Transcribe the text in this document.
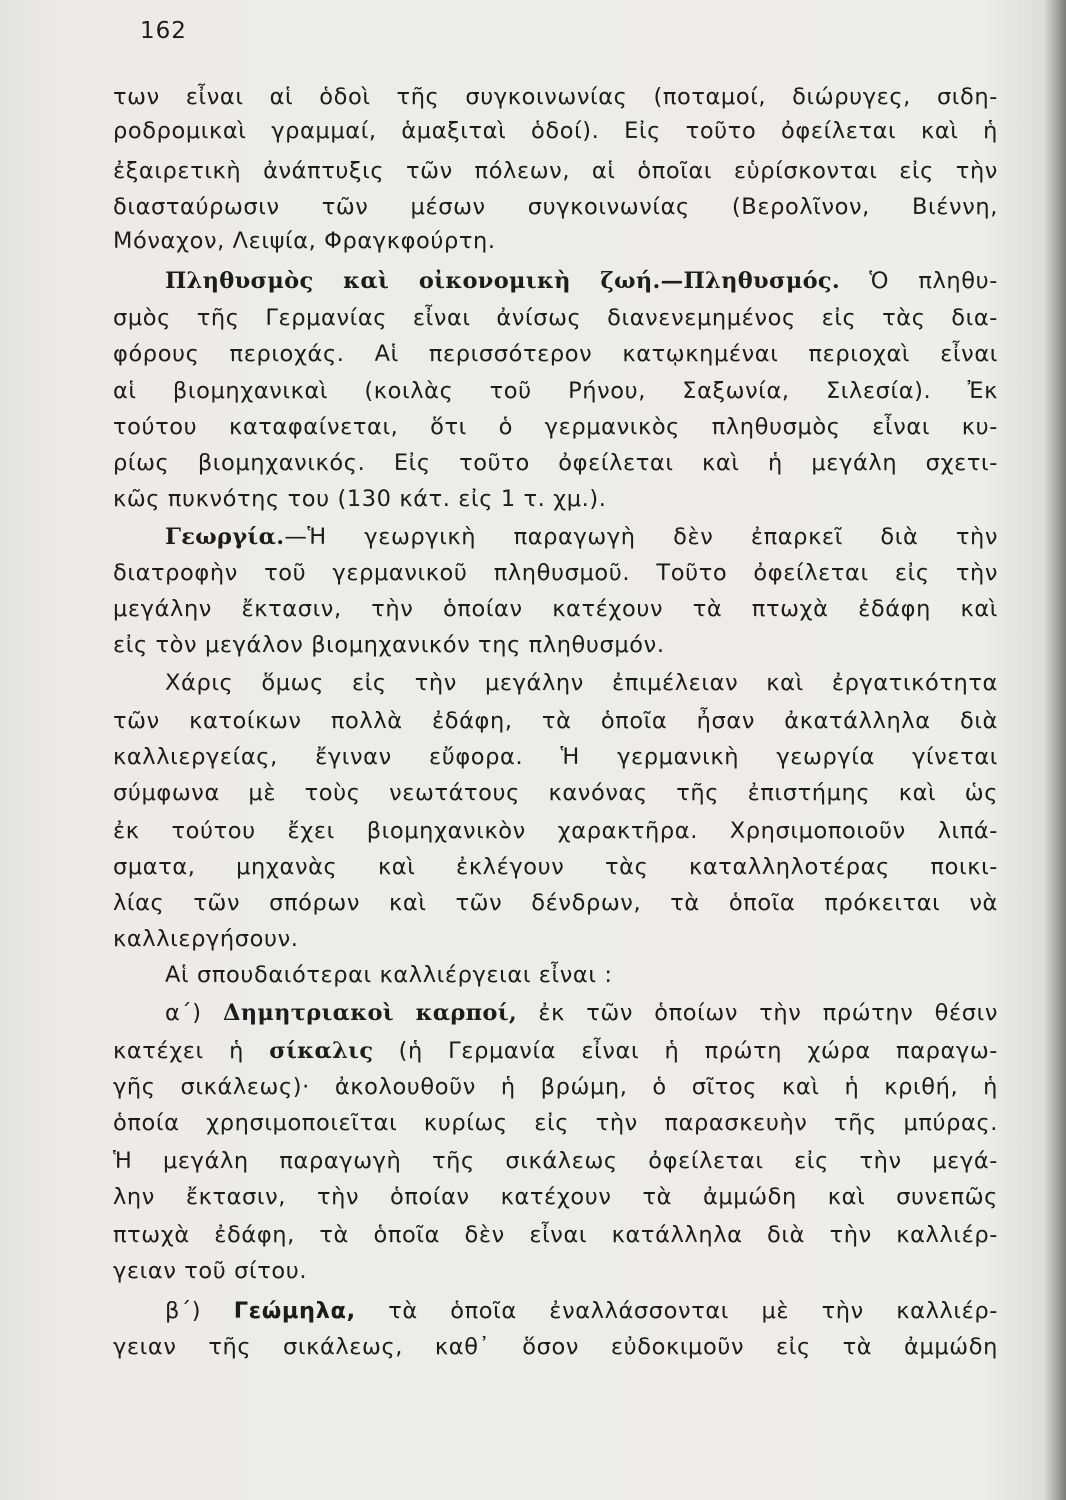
162
των εἶναι αἱ ὁδοὶ τῆς συγκοινωνίας (ποταμοί, διώρυγες, σιδη-
ροδρομικαὶ γραμμαί, ἁμαξιταὶ ὁδοί). Εἰς τοῦτο ὀφείλεται καὶ ἡ
ἐξαιρετικὴ ἀνάπτυξις τῶν πόλεων, αἱ ὁποῖαι εὑρίσκονται εἰς τὴν
διασταύρωσιν τῶν μέσων συγκοινωνίας (Βερολῖνον, Βιέννη,
Μόναχον, Λειψία, Φραγκφούρτη.
Πληθυσμὸς καὶ οἰκονομικὴ ζωή.—Πληθυσμός. Ὁ πληθυ-
σμὸς τῆς Γερμανίας εἶναι ἀνίσως διανενεμημένος εἰς τὰς δια-
φόρους περιοχάς. Αἱ περισσότερον κατῳκημέναι περιοχαὶ εἶναι
αἱ βιομηχανικαὶ (κοιλὰς τοῦ Ρήνου, Σαξωνία, Σιλεσία). Ἐκ
τούτου καταφαίνεται, ὅτι ὁ γερμανικὸς πληθυσμὸς εἶναι κυ-
ρίως βιομηχανικός. Εἰς τοῦτο ὀφείλεται καὶ ἡ μεγάλη σχετι-
κῶς πυκνότης του (130 κάτ. εἰς 1 τ. χμ.).
Γεωργία.—Ἡ γεωργικὴ παραγωγὴ δὲν ἐπαρκεῖ διὰ τὴν
διατροφὴν τοῦ γερμανικοῦ πληθυσμοῦ. Τοῦτο ὀφείλεται εἰς τὴν
μεγάλην ἔκτασιν, τὴν ὁποίαν κατέχουν τὰ πτωχὰ ἐδάφη καὶ
εἰς τὸν μεγάλον βιομηχανικόν της πληθυσμόν.
Χάρις ὅμως εἰς τὴν μεγάλην ἐπιμέλειαν καὶ ἐργατικότητα
τῶν κατοίκων πολλὰ ἐδάφη, τὰ ὁποῖα ἦσαν ἀκατάλληλα διὰ
καλλιεργείας, ἔγιναν εὔφορα. Ἡ γερμανικὴ γεωργία γίνεται
σύμφωνα μὲ τοὺς νεωτάτους κανόνας τῆς ἐπιστήμης καὶ ὡς
ἐκ τούτου ἔχει βιομηχανικὸν χαρακτῆρα. Χρησιμοποιοῦν λιπά-
σματα, μηχανὰς καὶ ἐκλέγουν τὰς καταλληλοτέρας ποικι-
λίας τῶν σπόρων καὶ τῶν δένδρων, τὰ ὁποῖα πρόκειται νὰ
καλλιεργήσουν.
Αἱ σπουδαιότεραι καλλιέργειαι εἶναι :
α΄) Δημητριακοὶ καρποί, ἐκ τῶν ὁποίων τὴν πρώτην θέσιν
κατέχει ἡ σίκαλις (ἡ Γερμανία εἶναι ἡ πρώτη χώρα παραγω-
γῆς σικάλεως)· ἀκολουθοῦν ἡ βρώμη, ὁ σῖτος καὶ ἡ κριθή, ἡ
ὁποία χρησιμοποιεῖται κυρίως εἰς τὴν παρασκευὴν τῆς μπύρας.
Ἡ μεγάλη παραγωγὴ τῆς σικάλεως ὀφείλεται εἰς τὴν μεγά-
λην ἔκτασιν, τὴν ὁποίαν κατέχουν τὰ ἀμμώδη καὶ συνεπῶς
πτωχὰ ἐδάφη, τὰ ὁποῖα δὲν εἶναι κατάλληλα διὰ τὴν καλλιέρ-
γειαν τοῦ σίτου.
β΄) Γεώμηλα, τὰ ὁποῖα ἐναλλάσσονται μὲ τὴν καλλιέρ-
γειαν τῆς σικάλεως, καθ᾽ ὅσον εὐδοκιμοῦν εἰς τὰ ἀμμώδη
